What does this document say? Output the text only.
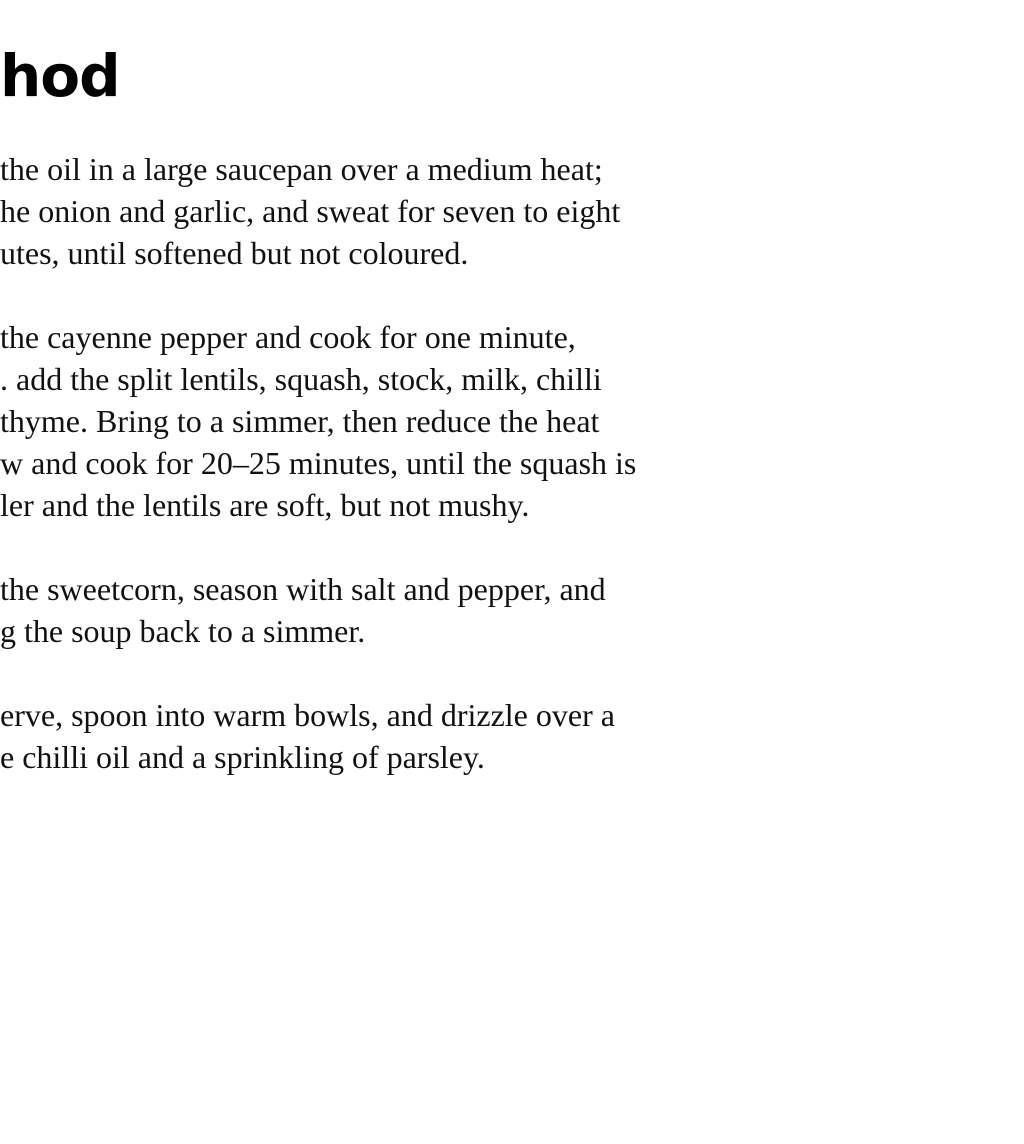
hod
the oil in a large saucepan over a medium heat;
he onion and garlic, and sweat for seven to eight
utes, until softened but not coloured.
the cayenne pepper and cook for one minute,
. add the split lentils, squash, stock, milk, chilli
thyme. Bring to a simmer, then reduce the heat
w and cook for 20–25 minutes, until the squash is
ler and the lentils are soft, but not mushy.
the sweetcorn, season with salt and pepper, and
g the soup back to a simmer.
erve, spoon into warm bowls, and drizzle over a
e chilli oil and a sprinkling of parsley.
